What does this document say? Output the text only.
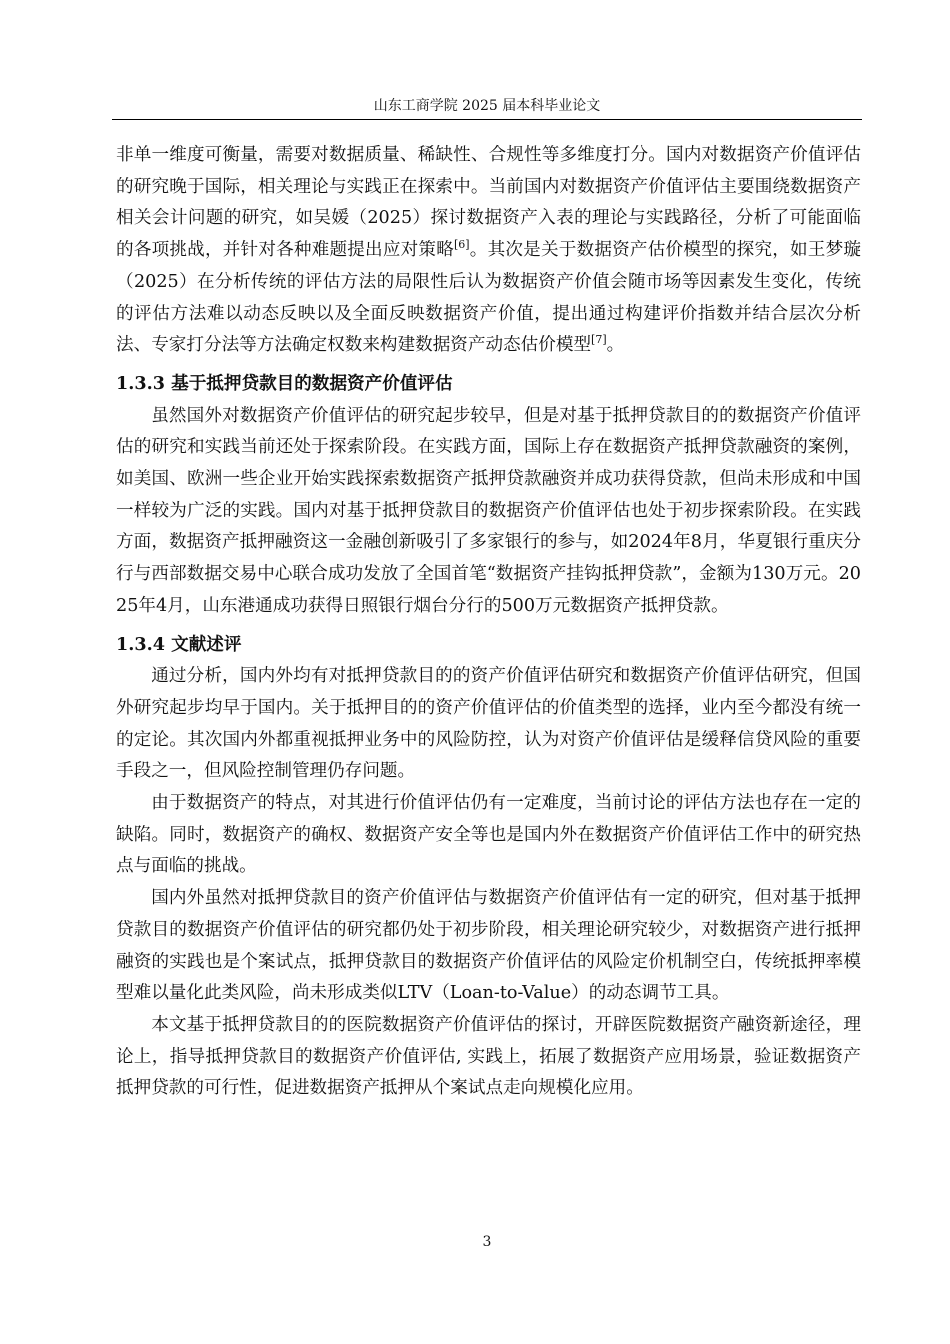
山东工商学院 2025 届本科毕业论文

非单一维度可衡量，需要对数据质量、稀缺性、合规性等多维度打分。国内对数据资产价值评估的研究晚于国际，相关理论与实践正在探索中。当前国内对数据资产价值评估主要围绕数据资产相关会计问题的研究，如吴媛（2025）探讨数据资产入表的理论与实践路径，分析了可能面临的各项挑战，并针对各种难题提出应对策略[6]。其次是关于数据资产估价模型的探究，如王梦璇（2025）在分析传统的评估方法的局限性后认为数据资产价值会随市场等因素发生变化，传统的评估方法难以动态反映以及全面反映数据资产价值，提出通过构建评价指数并结合层次分析法、专家打分法等方法确定权数来构建数据资产动态估价模型[7]。

1.3.3 基于抵押贷款目的数据资产价值评估

虽然国外对数据资产价值评估的研究起步较早，但是对基于抵押贷款目的的数据资产价值评估的研究和实践当前还处于探索阶段。在实践方面，国际上存在数据资产抵押贷款融资的案例，如美国、欧洲一些企业开始实践探索数据资产抵押贷款融资并成功获得贷款，但尚未形成和中国一样较为广泛的实践。国内对基于抵押贷款目的数据资产价值评估也处于初步探索阶段。在实践方面，数据资产抵押融资这一金融创新吸引了多家银行的参与，如2024年8月，华夏银行重庆分行与西部数据交易中心联合成功发放了全国首笔“数据资产挂钩抵押贷款”，金额为130万元。2025年4月，山东港通成功获得日照银行烟台分行的500万元数据资产抵押贷款。

1.3.4 文献述评

通过分析，国内外均有对抵押贷款目的的资产价值评估研究和数据资产价值评估研究，但国外研究起步均早于国内。关于抵押目的的资产价值评估的价值类型的选择，业内至今都没有统一的定论。其次国内外都重视抵押业务中的风险防控，认为对资产价值评估是缓释信贷风险的重要手段之一，但风险控制管理仍存问题。

由于数据资产的特点，对其进行价值评估仍有一定难度，当前讨论的评估方法也存在一定的缺陷。同时，数据资产的确权、数据资产安全等也是国内外在数据资产价值评估工作中的研究热点与面临的挑战。

国内外虽然对抵押贷款目的资产价值评估与数据资产价值评估有一定的研究，但对基于抵押贷款目的数据资产价值评估的研究都仍处于初步阶段，相关理论研究较少，对数据资产进行抵押融资的实践也是个案试点，抵押贷款目的数据资产价值评估的风险定价机制空白，传统抵押率模型难以量化此类风险，尚未形成类似LTV（Loan-to-Value）的动态调节工具。

本文基于抵押贷款目的的医院数据资产价值评估的探讨，开辟医院数据资产融资新途径，理论上，指导抵押贷款目的数据资产价值评估, 实践上，拓展了数据资产应用场景，验证数据资产抵押贷款的可行性，促进数据资产抵押从个案试点走向规模化应用。

3
